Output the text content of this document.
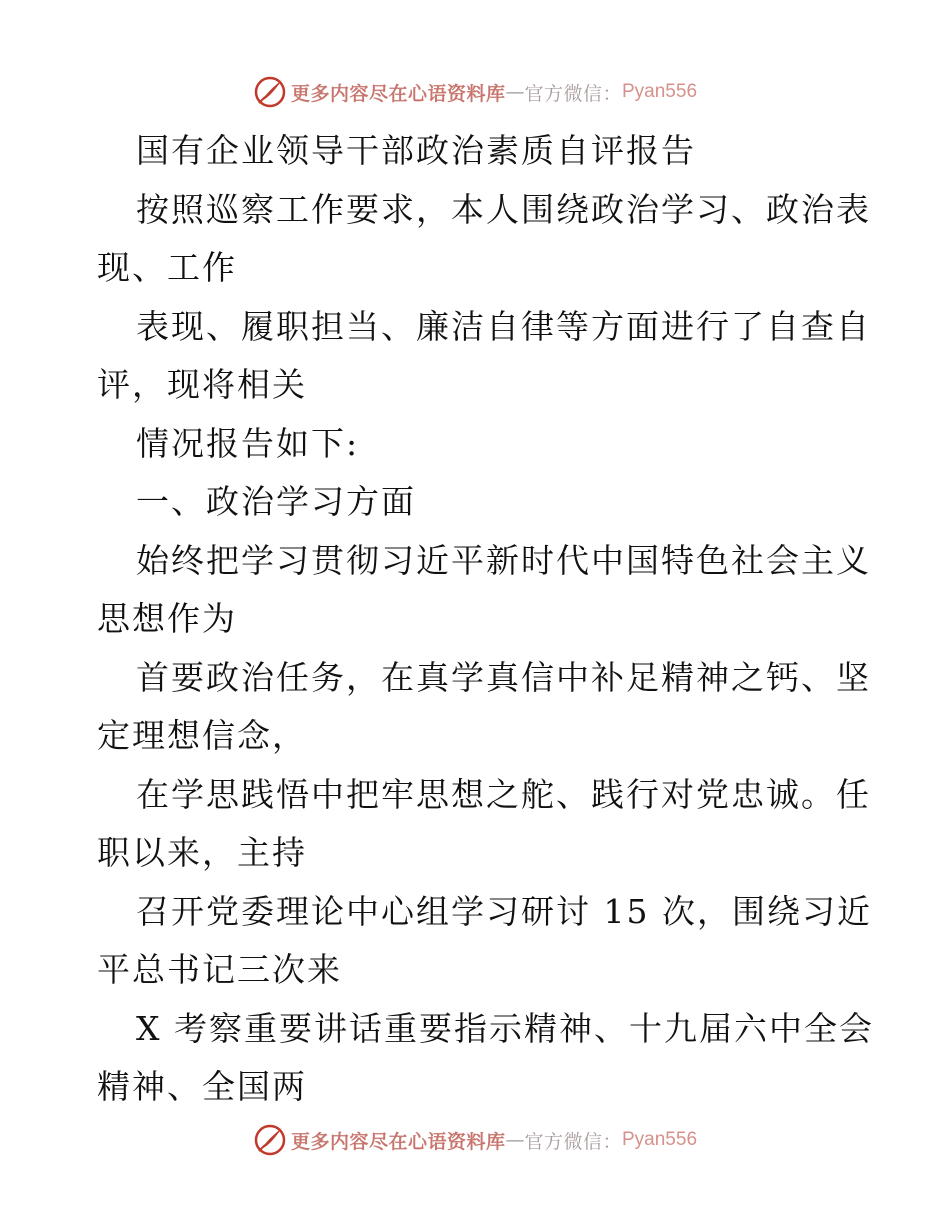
更多内容尽在心语资料库 — 官方微信： Pyan556
国有企业领导干部政治素质自评报告
按照巡察工作要求，本人围绕政治学习、政治表
现、工作
表现、履职担当、廉洁自律等方面进行了自查自
评，现将相关
情况报告如下:
一、政治学习方面
始终把学习贯彻习近平新时代中国特色社会主义
思想作为
首要政治任务，在真学真信中补足精神之钙、坚
定理想信念，
在学思践悟中把牢思想之舵、践行对党忠诚。任
职以来，主持
召开党委理论中心组学习研讨 15 次，围绕习近
平总书记三次来
X 考察重要讲话重要指示精神、十九届六中全会
精神、全国两
更多内容尽在心语资料库 — 官方微信： Pyan556
